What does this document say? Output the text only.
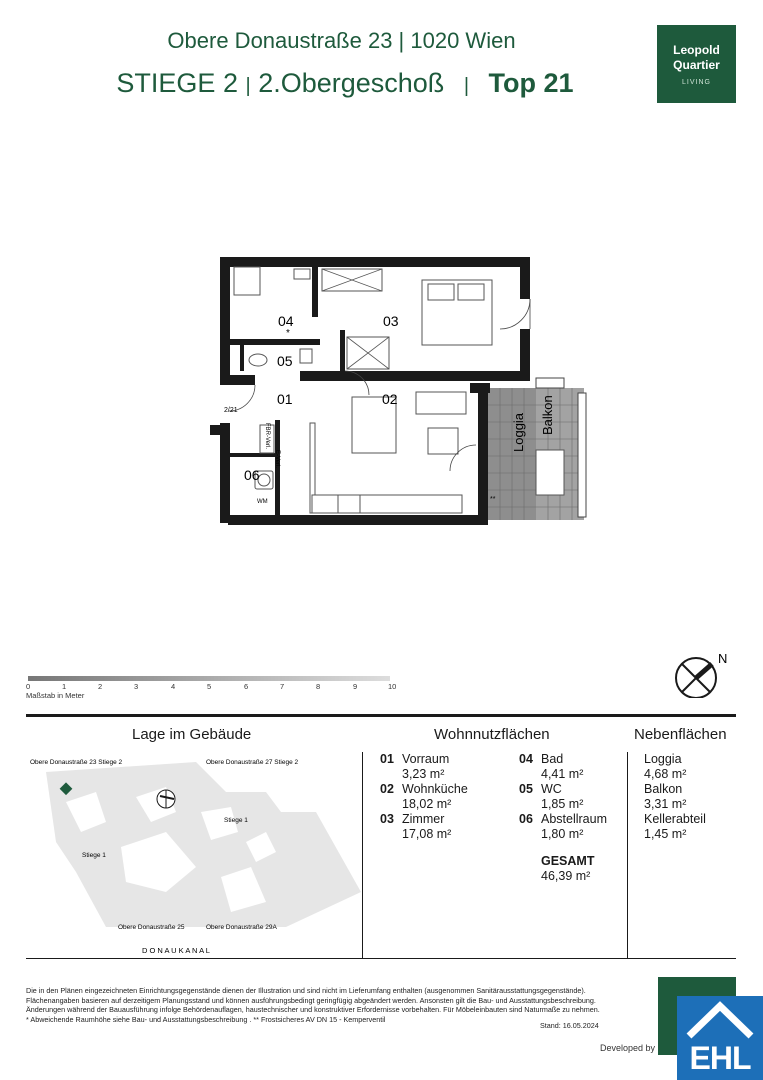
Obere Donaustraße 23 | 1020 Wien
STIEGE 2 | 2.Obergeschoß | Top 21
Leopold
Quartier
LIVING
04
*
03
05
01	02
06
2/21
WM	**
FBR-Verl.
E-Verl.
Loggia Balkon
0	1	2	3	4	5	6	7	8	9	10
Maßstab in Meter
N
Lage im Gebäude
Obere Donaustraße 23 Stiege 2	Obere Donaustraße 27 Stiege 2
Stiege 1
Stiege 1
Obere Donaustraße 25	Obere Donaustraße 29A
D O N A U K A N A L
Wohnnutzflächen
01 Vorraum
3,23 m²
02 Wohnküche
18,02 m²
03 Zimmer
17,08 m²
04 Bad
4,41 m²
05 WC
1,85 m²
06 Abstellraum
1,80 m²
GESAMT
46,39 m²
Nebenflächen
Loggia
4,68 m²
Balkon
3,31 m²
Kellerabteil
1,45 m²
Die in den Plänen eingezeichneten Einrichtungsgegenstände dienen der Illustration und sind nicht im Lieferumfang enthalten (ausgenommen Sanitärausstattungsgegenstände).
Flächenangaben basieren auf derzeitigem Planungsstand und können ausführungsbedingt geringfügig abgeändert werden. Ansonsten gilt die Bau- und Ausstattungsbeschreibung.
Änderungen während der Bauausführung infolge Behördenauflagen, haustechnischer und konstruktiver Erfordernisse vorbehalten. Für Möbeleinbauten sind Naturmaße zu nehmen.
* Abweichende Raumhöhe siehe Bau- und Ausstattungsbeschreibung . ** Frostsicheres AV DN 15 - Kemperventil
Stand: 16.05.2024
Developed by	EHL
